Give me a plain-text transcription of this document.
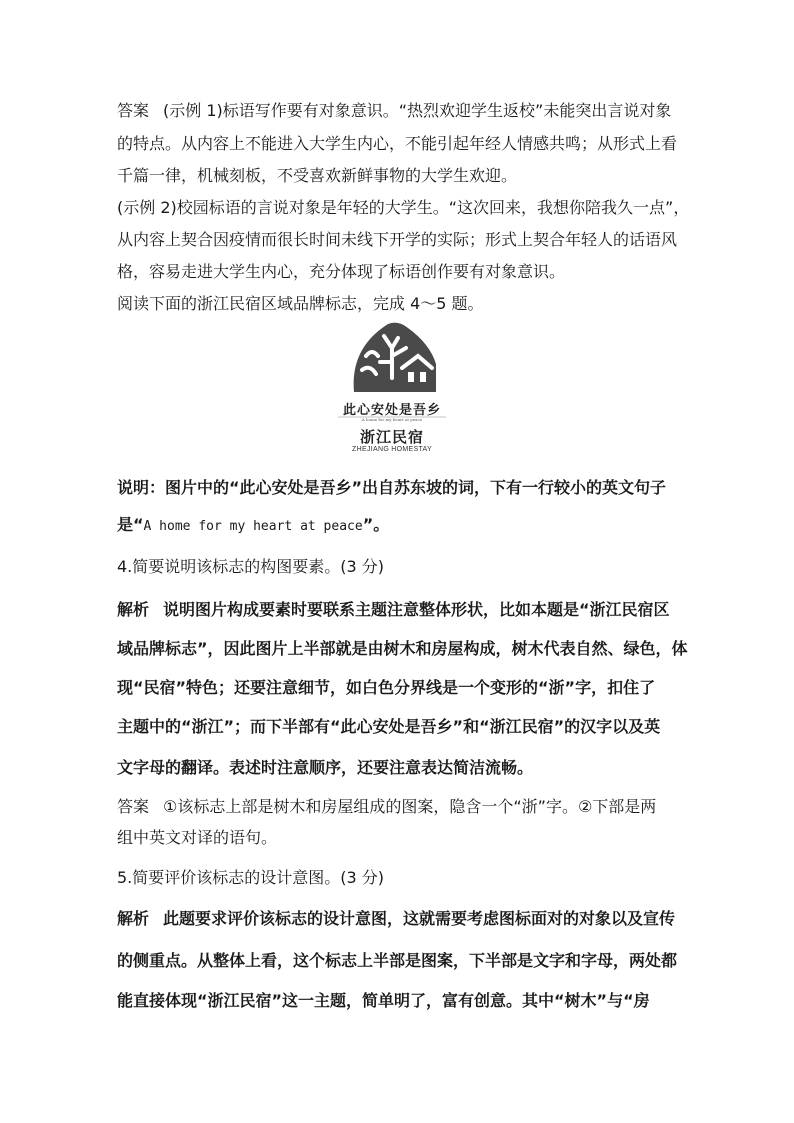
答案 (示例 1)标语写作要有对象意识。“热烈欢迎学生返校”未能突出言说对象
的特点。从内容上不能进入大学生内心，不能引起年经人情感共鸣；从形式上看
千篇一律，机械刻板，不受喜欢新鲜事物的大学生欢迎。
(示例 2)校园标语的言说对象是年轻的大学生。“这次回来，我想你陪我久一点”，
从内容上契合因疫情而很长时间未线下开学的实际；形式上契合年轻人的话语风
格，容易走进大学生内心，充分体现了标语创作要有对象意识。
阅读下面的浙江民宿区域品牌标志，完成 4～5 题。
此心安处是吾乡
A home for my heart at peace
浙江民宿
ZHEJIANG HOMESTAY
说明：图片中的“此心安处是吾乡”出自苏东坡的词，下有一行较小的英文句子
是“A home for my heart at peace”。
4.简要说明该标志的构图要素。(3 分)
解析 说明图片构成要素时要联系主题注意整体形状，比如本题是“浙江民宿区
域品牌标志”，因此图片上半部就是由树木和房屋构成，树木代表自然、绿色，体
现“民宿”特色；还要注意细节，如白色分界线是一个变形的“浙”字，扣住了
主题中的“浙江”；而下半部有“此心安处是吾乡”和“浙江民宿”的汉字以及英
文字母的翻译。表述时注意顺序，还要注意表达简洁流畅。
答案 ①该标志上部是树木和房屋组成的图案，隐含一个“浙”字。②下部是两
组中英文对译的语句。
5.简要评价该标志的设计意图。(3 分)
解析 此题要求评价该标志的设计意图，这就需要考虑图标面对的对象以及宣传
的侧重点。从整体上看，这个标志上半部是图案，下半部是文字和字母，两处都
能直接体现“浙江民宿”这一主题，简单明了，富有创意。其中“树木”与“房
